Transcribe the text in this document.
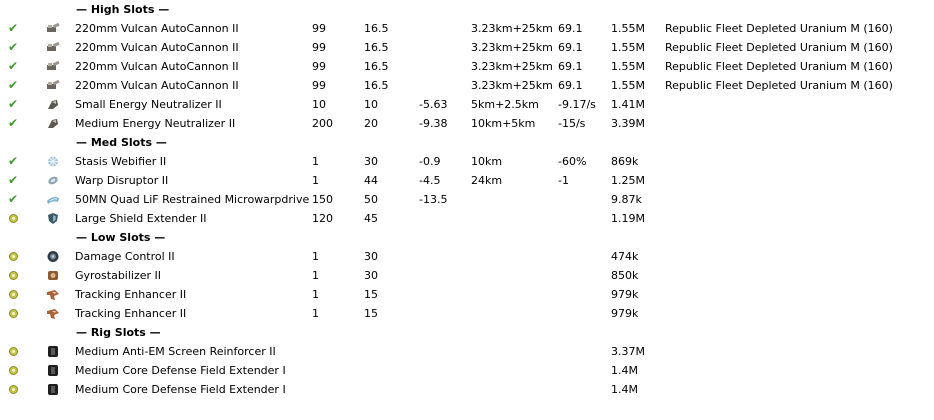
— High Slots —
✔	220mm Vulcan AutoCannon II	99	16.5	3.23km+25km 69.1	1.55M Republic Fleet Depleted Uranium M (160)
✔	220mm Vulcan AutoCannon II	99	16.5	3.23km+25km 69.1	1.55M Republic Fleet Depleted Uranium M (160)
✔	220mm Vulcan AutoCannon II	99	16.5	3.23km+25km 69.1	1.55M Republic Fleet Depleted Uranium M (160)
✔	220mm Vulcan AutoCannon II	99	16.5	3.23km+25km 69.1	1.55M Republic Fleet Depleted Uranium M (160)
✔	Small Energy Neutralizer II	10	10	-5.63 5km+2.5km -9.17/s 1.41M
✔	Medium Energy Neutralizer II	200	20	-9.38 10km+5km -15/s 3.39M
— Med Slots —
✔	Stasis Webifier II	1	30	-0.9	10km	-60% 869k
✔	Warp Disruptor II	1	44	-4.5	24km	-1	1.25M
✔	50MN Quad LiF Restrained Microwarpdrive 150	50	-13.5	9.87k
Large Shield Extender II	120	45	1.19M
— Low Slots —
Damage Control II	1	30	474k
Gyrostabilizer II	1	30	850k
Tracking Enhancer II	1	15	979k
Tracking Enhancer II	1	15	979k
— Rig Slots —
Medium Anti-EM Screen Reinforcer II	3.37M
Medium Core Defense Field Extender I	1.4M
Medium Core Defense Field Extender I	1.4M
